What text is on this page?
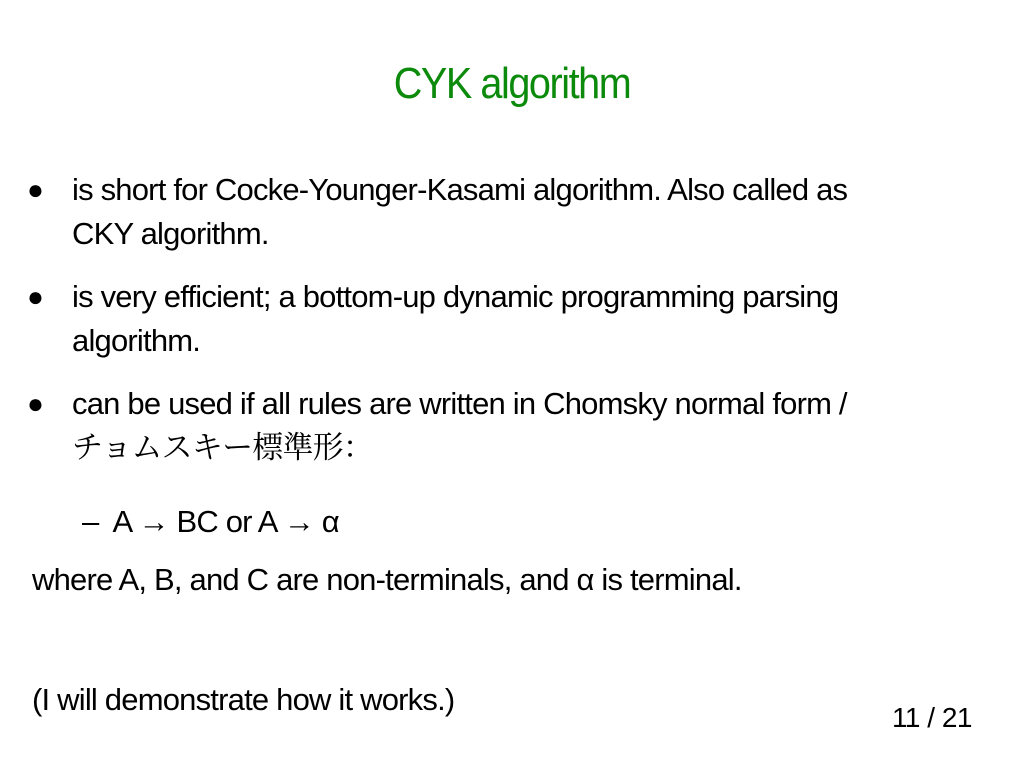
CYK algorithm
● is short for Cocke-Younger-Kasami algorithm. Also called as
CKY algorithm.
● is very efficient; a bottom-up dynamic programming parsing
algorithm.
● can be used if all rules are written in Chomsky normal form /
チョムスキー標準形：
– A → BC or A → α
where A, B, and C are non-terminals, and α is terminal.
(I will demonstrate how it works.)
11 / 21
